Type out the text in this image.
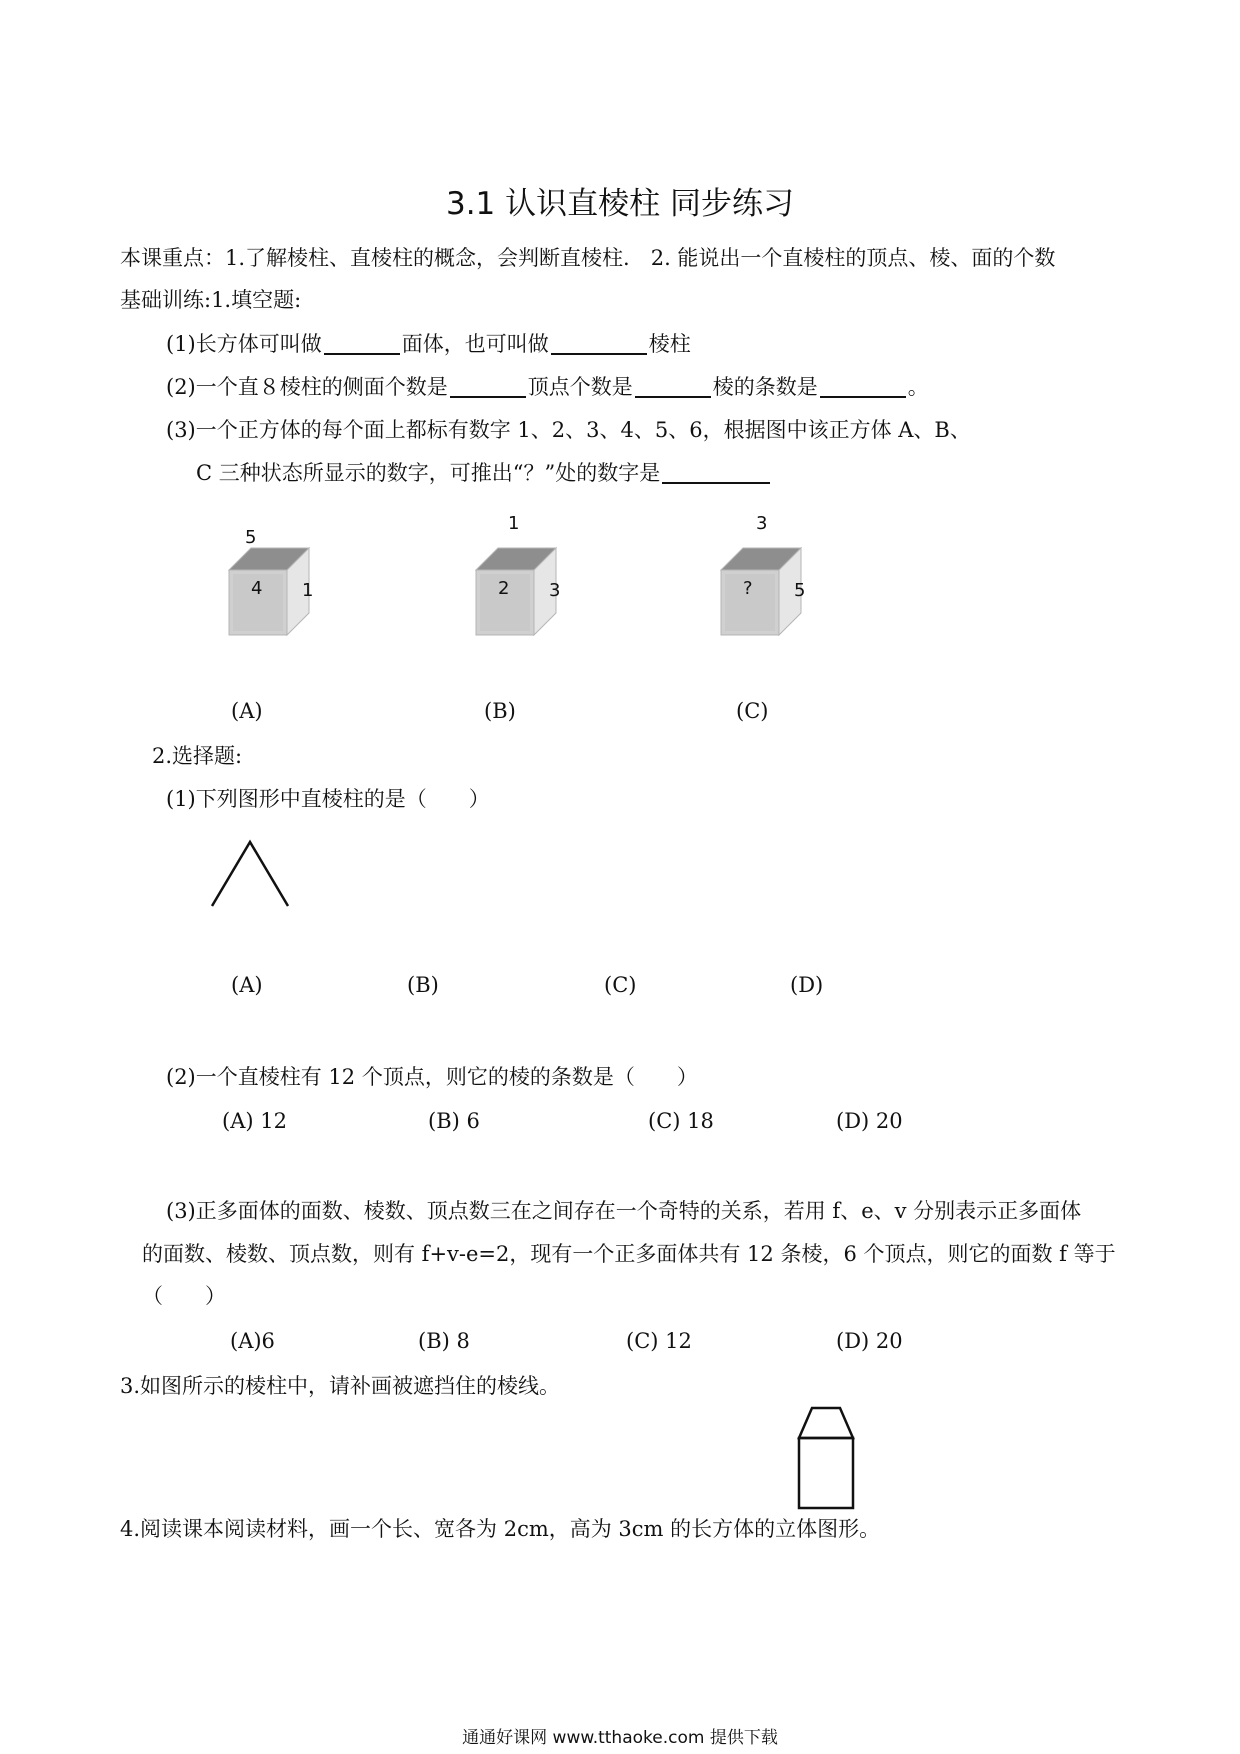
3.1 认识直棱柱 同步练习
本课重点：1.了解棱柱、直棱柱的概念，会判断直棱柱.　2. 能说出一个直棱柱的顶点、棱、面的个数
基础训练:1.填空题:
(1)长方体可叫做	面体，也可叫做	棱柱
(2)一个直８棱柱的侧面个数是	顶点个数是	棱的条数是	。
(3)一个正方体的每个面上都标有数字 1、2、3、4、5、6，根据图中该正方体 A、B、
C 三种状态所显示的数字，可推出“？”处的数字是
5
4 1
1
2 3
3
? 5
(A)	(B)	(C)
2.选择题:
(1)下列图形中直棱柱的是（　　）
(A)	(B)	(C)	(D)
(2)一个直棱柱有 12 个顶点，则它的棱的条数是（　　）
(A) 12	(B) 6	(C) 18	(D) 20
(3)正多面体的面数、棱数、顶点数三在之间存在一个奇特的关系，若用 f、e、v 分别表示正多面体
的面数、棱数、顶点数，则有 f+v-e=2，现有一个正多面体共有 12 条棱，6 个顶点，则它的面数 f 等于
（　　）
(A)6	(B) 8	(C) 12	(D) 20
3.如图所示的棱柱中，请补画被遮挡住的棱线。
4.阅读课本阅读材料，画一个长、宽各为 2cm，高为 3cm 的长方体的立体图形。
通通好课网 www.tthaoke.com 提供下载
